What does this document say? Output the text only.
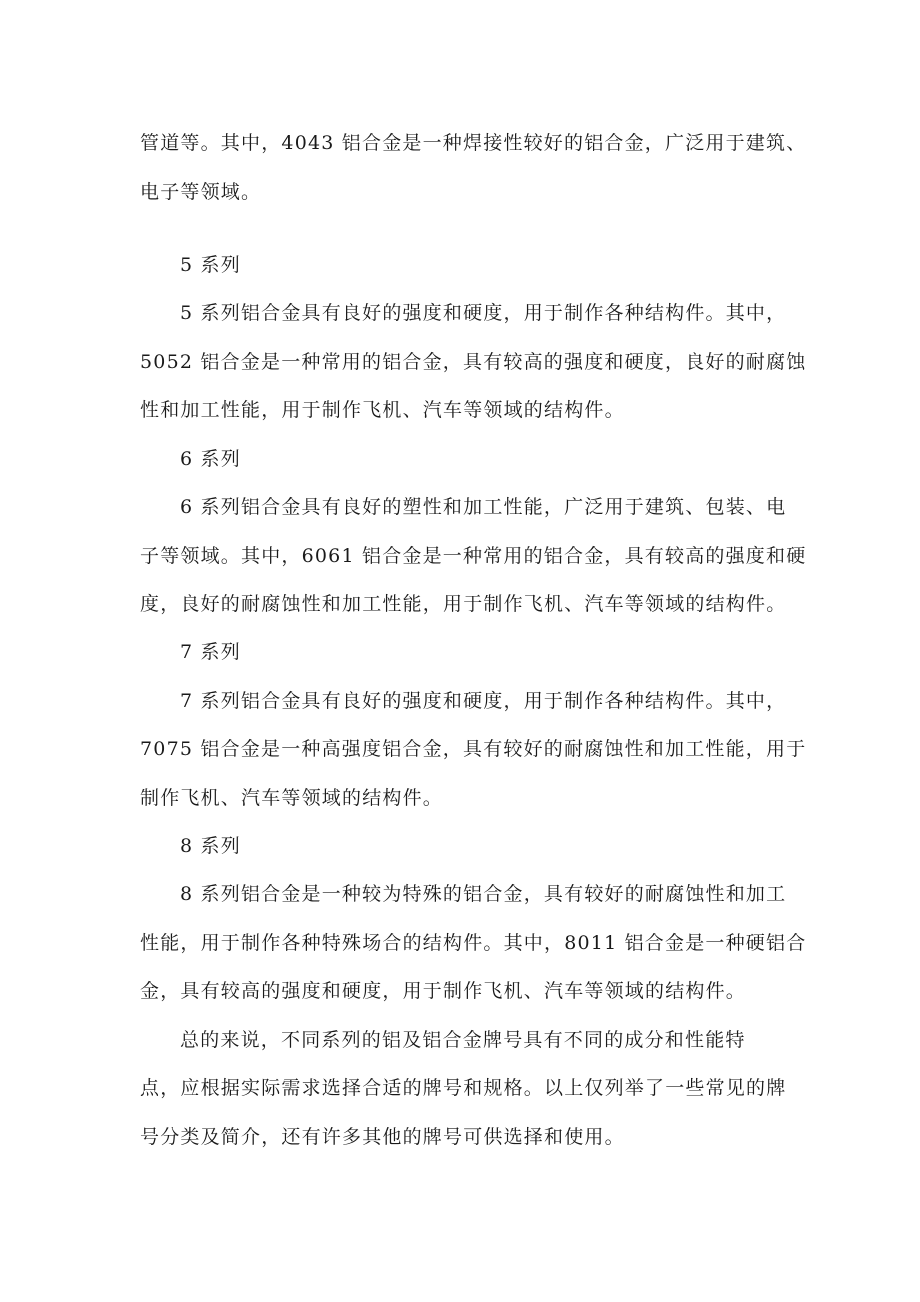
管道等。其中，4043 铝合金是一种焊接性较好的铝合金，广泛用于建筑、
电子等领域。
5 系列
5 系列铝合金具有良好的强度和硬度，用于制作各种结构件。其中，
5052 铝合金是一种常用的铝合金，具有较高的强度和硬度，良好的耐腐蚀
性和加工性能，用于制作飞机、汽车等领域的结构件。
6 系列
6 系列铝合金具有良好的塑性和加工性能，广泛用于建筑、包装、电
子等领域。其中，6061 铝合金是一种常用的铝合金，具有较高的强度和硬
度，良好的耐腐蚀性和加工性能，用于制作飞机、汽车等领域的结构件。
7 系列
7 系列铝合金具有良好的强度和硬度，用于制作各种结构件。其中，
7075 铝合金是一种高强度铝合金，具有较好的耐腐蚀性和加工性能，用于
制作飞机、汽车等领域的结构件。
8 系列
8 系列铝合金是一种较为特殊的铝合金，具有较好的耐腐蚀性和加工
性能，用于制作各种特殊场合的结构件。其中，8011 铝合金是一种硬铝合
金，具有较高的强度和硬度，用于制作飞机、汽车等领域的结构件。
总的来说，不同系列的铝及铝合金牌号具有不同的成分和性能特
点，应根据实际需求选择合适的牌号和规格。以上仅列举了一些常见的牌
号分类及简介，还有许多其他的牌号可供选择和使用。
